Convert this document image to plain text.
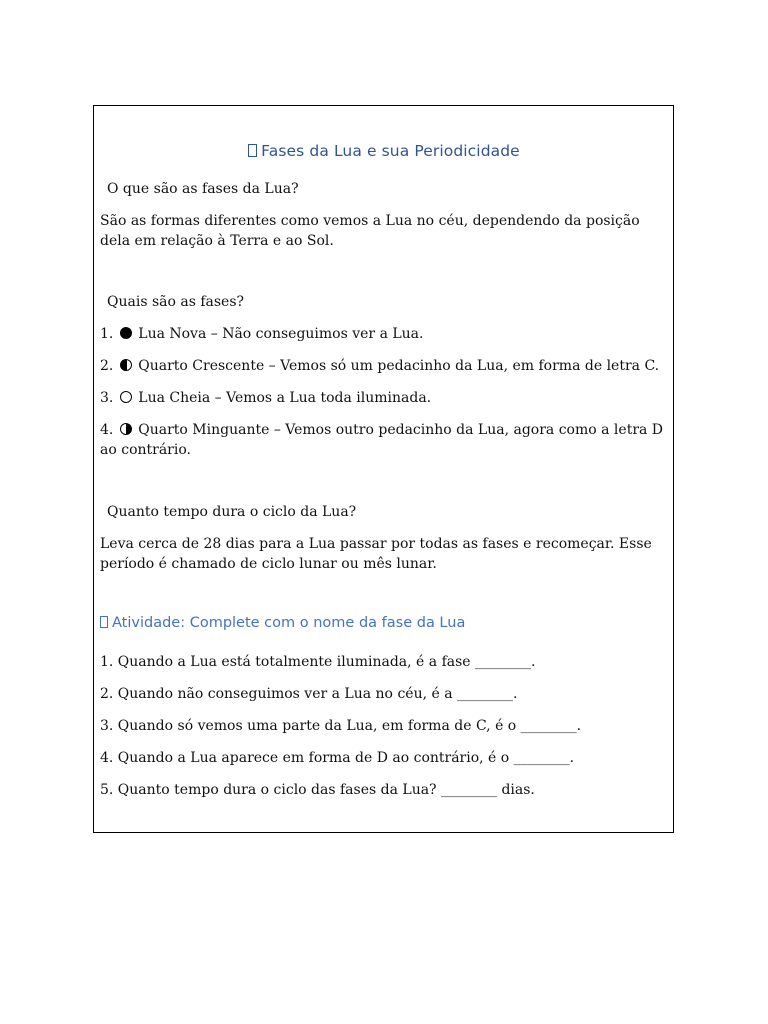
Fases da Lua e sua Periodicidade
O que são as fases da Lua?
São as formas diferentes como vemos a Lua no céu, dependendo da posição dela em relação à Terra e ao Sol.
Quais são as fases?
1. Lua Nova – Não conseguimos ver a Lua.
2. Quarto Crescente – Vemos só um pedacinho da Lua, em forma de letra C.
3. Lua Cheia – Vemos a Lua toda iluminada.
4. Quarto Minguante – Vemos outro pedacinho da Lua, agora como a letra D ao contrário.
Quanto tempo dura o ciclo da Lua?
Leva cerca de 28 dias para a Lua passar por todas as fases e recomeçar. Esse período é chamado de ciclo lunar ou mês lunar.
Atividade: Complete com o nome da fase da Lua
1. Quando a Lua está totalmente iluminada, é a fase ________.
2. Quando não conseguimos ver a Lua no céu, é a ________.
3. Quando só vemos uma parte da Lua, em forma de C, é o ________.
4. Quando a Lua aparece em forma de D ao contrário, é o ________.
5. Quanto tempo dura o ciclo das fases da Lua? ________ dias.
